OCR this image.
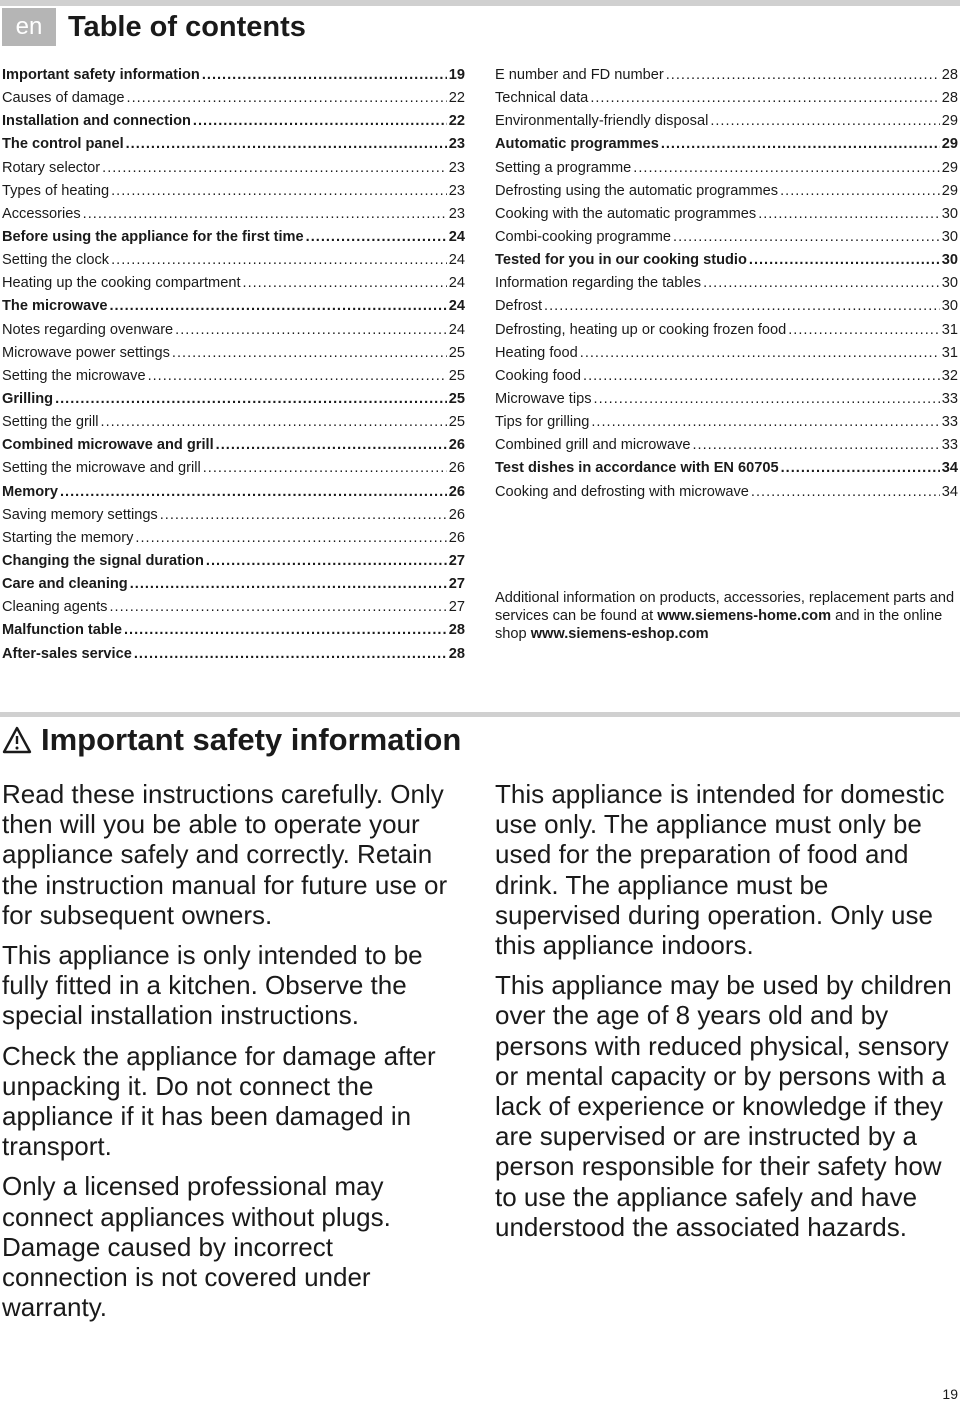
en Table of contents
Important safety information .....	19
Causes of damage .....	22
Installation and connection .....	22
The control panel .....	23
Rotary selector .....	23
Types of heating .....	23
Accessories .....	23
Before using the appliance for the first time .....	24
Setting the clock .....	24
Heating up the cooking compartment .....	24
The microwave .....	24
Notes regarding ovenware .....	24
Microwave power settings .....	25
Setting the microwave .....	25
Grilling .....	25
Setting the grill .....	25
Combined microwave and grill .....	26
Setting the microwave and grill .....	26
Memory .....	26
Saving memory settings .....	26
Starting the memory .....	26
Changing the signal duration .....	27
Care and cleaning .....	27
Cleaning agents .....	27
Malfunction table .....	28
After-sales service .....	28
E number and FD number .....	28
Technical data .....	28
Environmentally-friendly disposal .....	29
Automatic programmes .....	29
Setting a programme .....	29
Defrosting using the automatic programmes .....	29
Cooking with the automatic programmes .....	30
Combi-cooking programme .....	30
Tested for you in our cooking studio .....	30
Information regarding the tables .....	30
Defrost .....	30
Defrosting, heating up or cooking frozen food .....	31
Heating food .....	31
Cooking food .....	32
Microwave tips .....	33
Tips for grilling .....	33
Combined grill and microwave .....	33
Test dishes in accordance with EN 60705 .....	34
Cooking and defrosting with microwave .....	34

Additional information on products, accessories, replacement parts and services can be found at www.siemens-home.com and in the online shop www.siemens-eshop.com

Important safety information

Read these instructions carefully. Only then will you be able to operate your appliance safely and correctly. Retain the instruction manual for future use or for subsequent owners.

This appliance is only intended to be fully fitted in a kitchen. Observe the special installation instructions.

Check the appliance for damage after unpacking it. Do not connect the appliance if it has been damaged in transport.

Only a licensed professional may connect appliances without plugs. Damage caused by incorrect connection is not covered under warranty.

This appliance is intended for domestic use only. The appliance must only be used for the preparation of food and drink. The appliance must be supervised during operation. Only use this appliance indoors.

This appliance may be used by children over the age of 8 years old and by persons with reduced physical, sensory or mental capacity or by persons with a lack of experience or knowledge if they are supervised or are instructed by a person responsible for their safety how to use the appliance safely and have understood the associated hazards.

19
